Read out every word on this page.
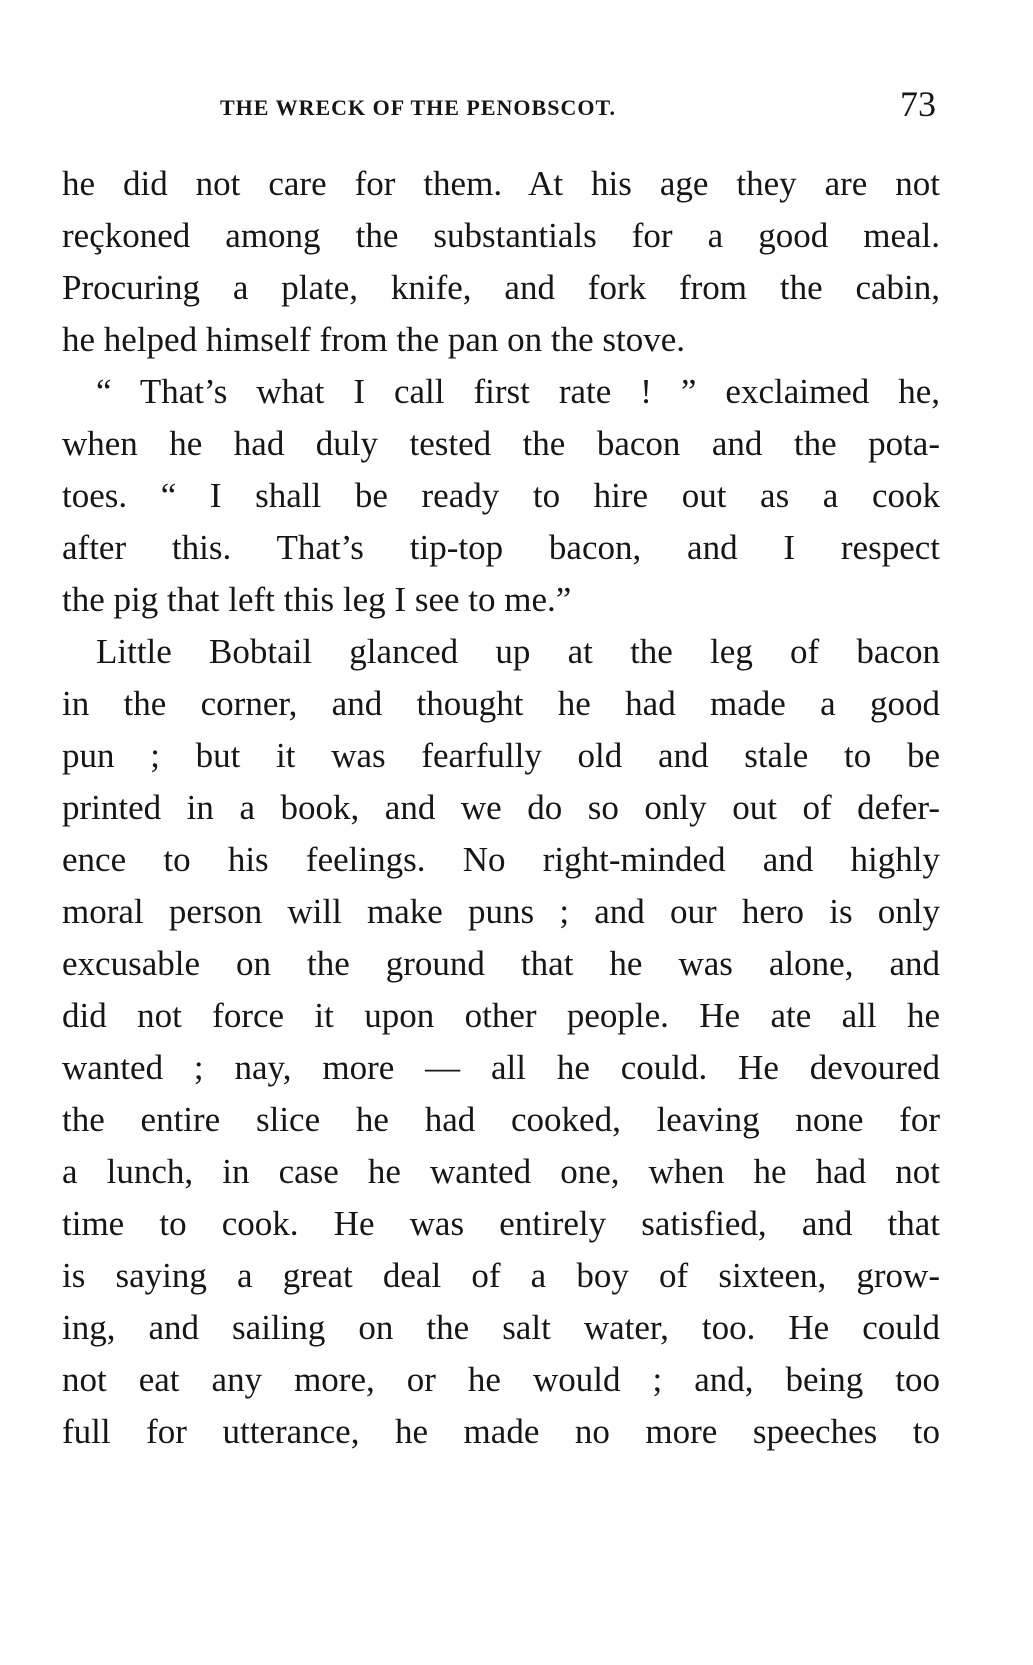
THE WRECK OF THE PENOBSCOT.	73
he did not care for them. At his age they are not
reçkoned among the substantials for a good meal.
Procuring a plate, knife, and fork from the cabin,
he helped himself from the pan on the stove.
“ That’s what I call first rate ! ” exclaimed he,
when he had duly tested the bacon and the pota-
toes. “ I shall be ready to hire out as a cook
after this. That’s tip-top bacon, and I respect
the pig that left this leg I see to me.”
Little Bobtail glanced up at the leg of bacon
in the corner, and thought he had made a good
pun ; but it was fearfully old and stale to be
printed in a book, and we do so only out of defer-
ence to his feelings. No right-minded and highly
moral person will make puns ; and our hero is only
excusable on the ground that he was alone, and
did not force it upon other people. He ate all he
wanted ; nay, more — all he could. He devoured
the entire slice he had cooked, leaving none for
a lunch, in case he wanted one, when he had not
time to cook. He was entirely satisfied, and that
is saying a great deal of a boy of sixteen, grow-
ing, and sailing on the salt water, too. He could
not eat any more, or he would ; and, being too
full for utterance, he made no more speeches to
